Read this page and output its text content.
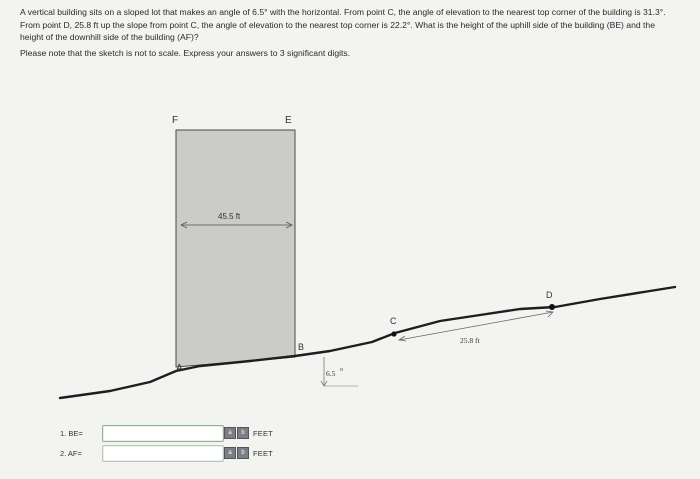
A vertical building sits on a sloped lot that makes an angle of 6.5° with the horizontal. From point C, the angle of elevation to the nearest top corner of the building is 31.3°. From point D, 25.8 ft up the slope from point C, the angle of elevation to the nearest top corner is 22.2°. What is the height of the uphill side of the building (BE) and the height of the downhill side of the building (AF)?

Please note that the sketch is not to scale. Express your answers to 3 significant digits.

45.5 ft
25.8 ft
6.5 o
F	E
A
B
C
D
1. BE=	a	b	FEET
2. AF=	a	b	FEET
